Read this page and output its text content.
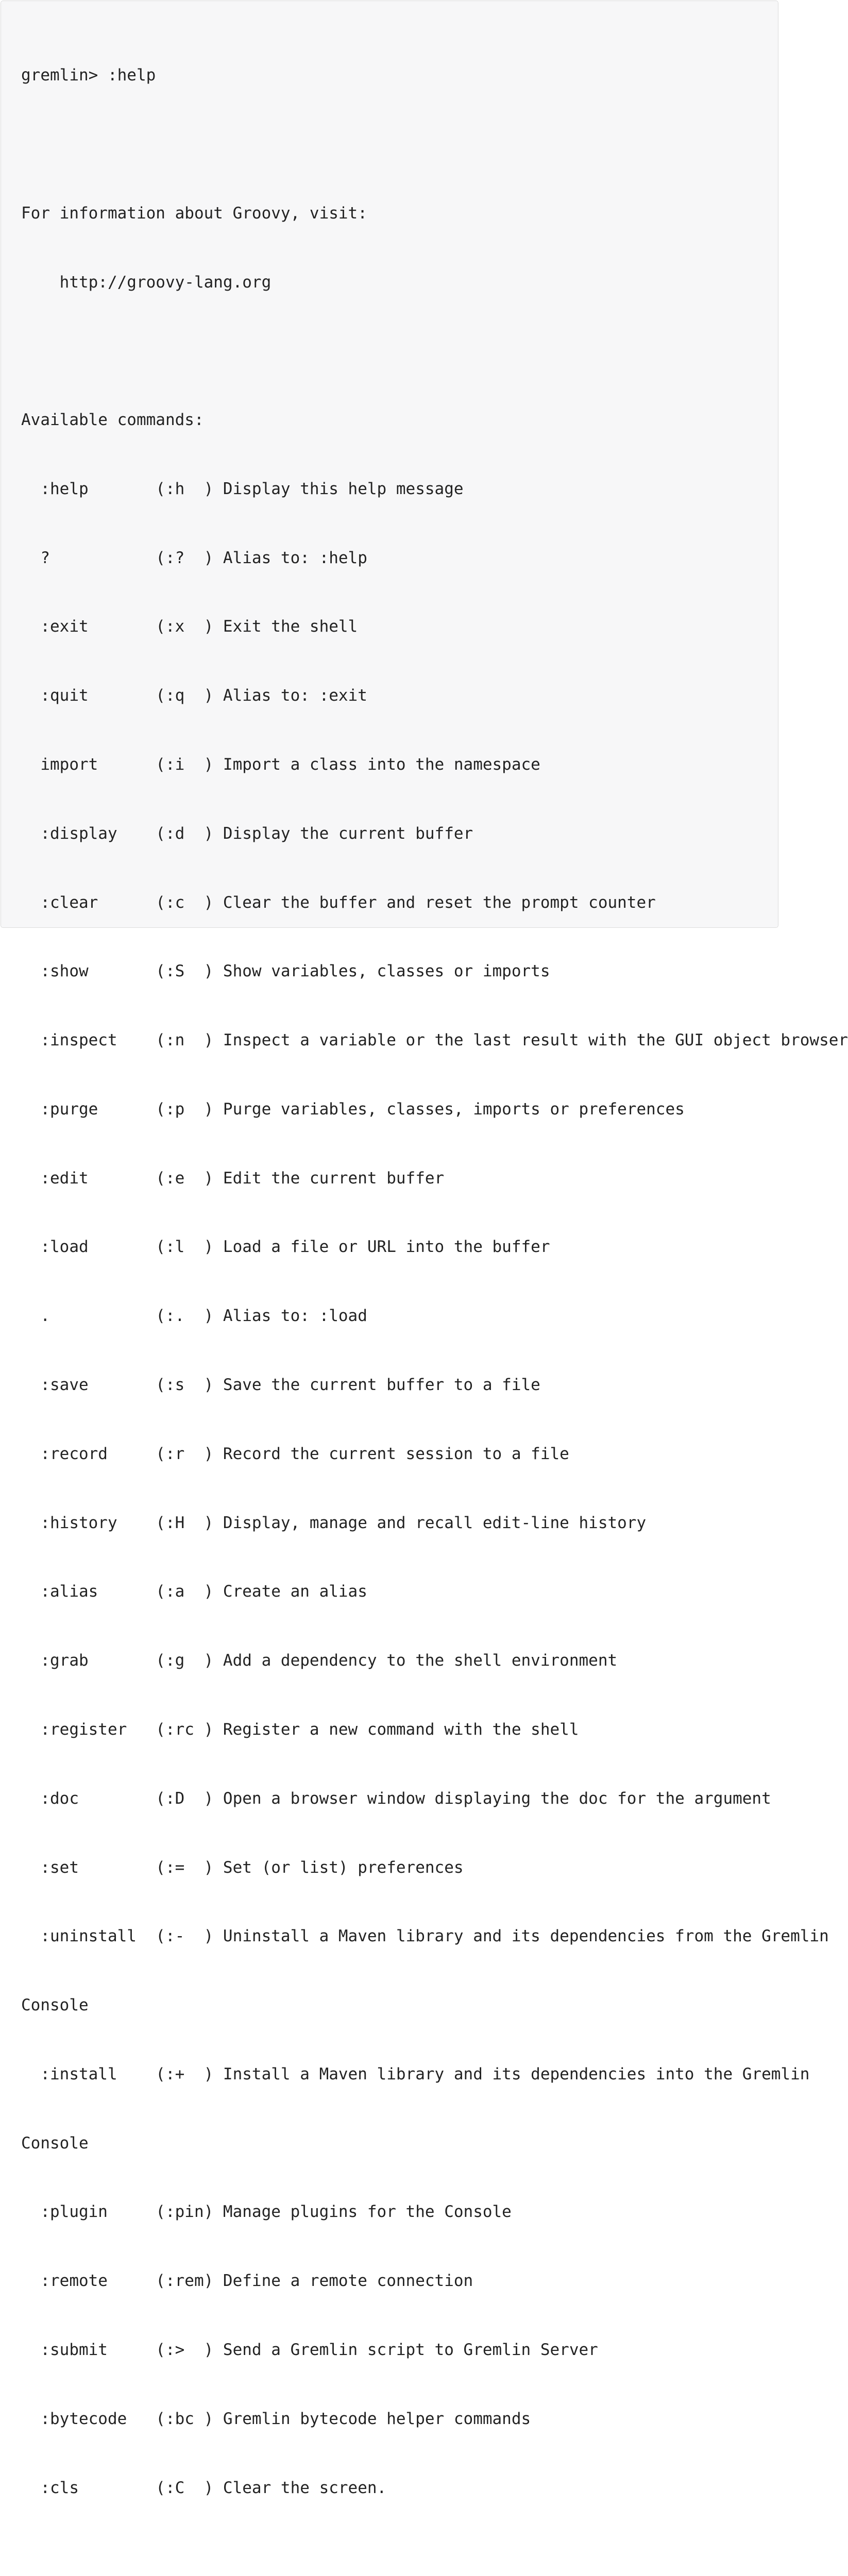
gremlin> :help

For information about Groovy, visit:

http://groovy-lang.org

Available commands:

:help       (:h  ) Display this help message

?           (:?  ) Alias to: :help

:exit       (:x  ) Exit the shell

:quit       (:q  ) Alias to: :exit

import      (:i  ) Import a class into the namespace

:display    (:d  ) Display the current buffer

:clear      (:c  ) Clear the buffer and reset the prompt counter

:show       (:S  ) Show variables, classes or imports

:inspect    (:n  ) Inspect a variable or the last result with the GUI object browser

:purge      (:p  ) Purge variables, classes, imports or preferences

:edit       (:e  ) Edit the current buffer

:load       (:l  ) Load a file or URL into the buffer

.           (:.  ) Alias to: :load

:save       (:s  ) Save the current buffer to a file

:record     (:r  ) Record the current session to a file

:history    (:H  ) Display, manage and recall edit-line history

:alias      (:a  ) Create an alias

:grab       (:g  ) Add a dependency to the shell environment

:register   (:rc ) Register a new command with the shell

:doc        (:D  ) Open a browser window displaying the doc for the argument

:set        (:=  ) Set (or list) preferences

:uninstall  (:-  ) Uninstall a Maven library and its dependencies from the Gremlin

Console

:install    (:+  ) Install a Maven library and its dependencies into the Gremlin

Console

:plugin     (:pin) Manage plugins for the Console

:remote     (:rem) Define a remote connection

:submit     (:>  ) Send a Gremlin script to Gremlin Server

:bytecode   (:bc ) Gremlin bytecode helper commands

:cls        (:C  ) Clear the screen.
